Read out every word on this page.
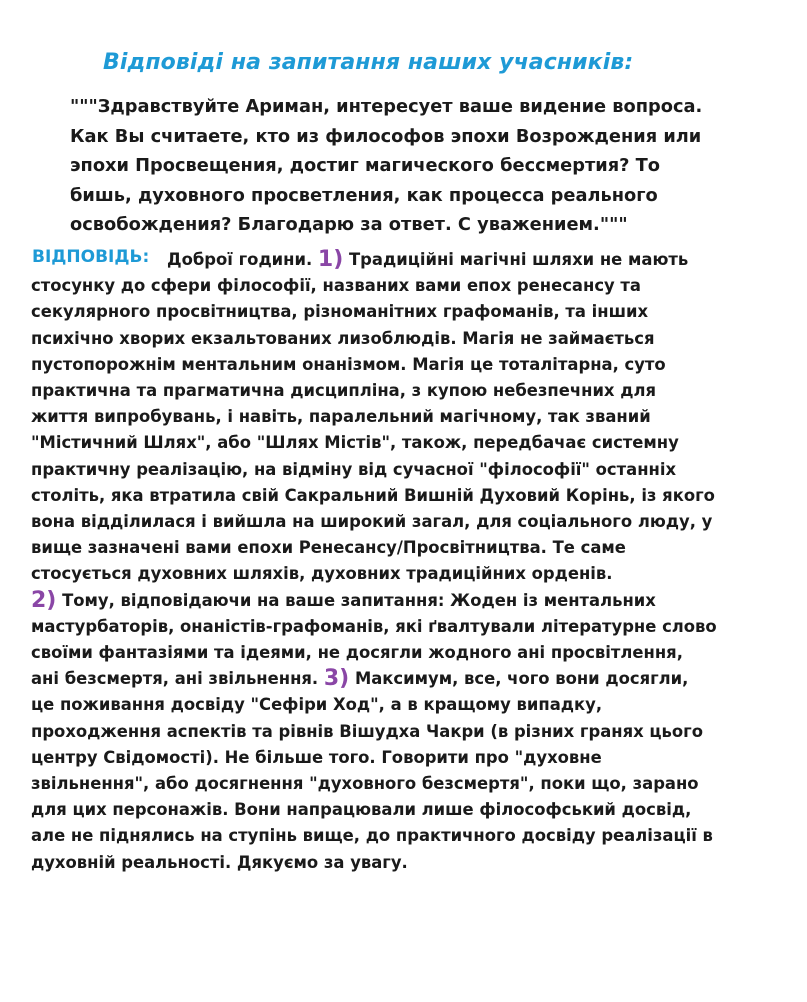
Відповіді на запитання наших учасників:
"""Здравствуйте Ариман, интересует ваше видение вопроса.
Как Вы считаете, кто из философов эпохи Возрождения или
эпохи Просвещения, достиг магического бессмертия? То
бишь, духовного просветления, как процесса реального
освобождения? Благодарю за ответ. С уважением."""
ВІДПОВІДЬ:	Доброї години. 1) Традиційні магічні шляхи не мають
стосунку до сфери філософії, названих вами епох ренесансу та
секулярного просвітництва, різноманітних графоманів, та інших
психічно хворих екзальтованих лизоблюдів. Магія не займається
пустопорожнім ментальним онанізмом. Магія це тоталітарна, суто
практична та прагматична дисципліна, з купою небезпечних для
життя випробувань, і навіть, паралельний магічному, так званий
"Містичний Шлях", або "Шлях Містів", також, передбачає системну
практичну реалізацію, на відміну від сучасної "філософії" останніх
століть, яка втратила свій Сакральний Вишній Духовий Корінь, із якого
вона відділилася і вийшла на широкий загал, для соціального люду, у
вище зазначені вами епохи Ренесансу/Просвітництва. Те саме
стосується духовних шляхів, духовних традиційних орденів.
2) Тому, відповідаючи на ваше запитання: Жоден із ментальних
мастурбаторів, онаністів-графоманів, які ґвалтували літературне слово
своїми фантазіями та ідеями, не досягли жодного ані просвітлення,
ані безсмертя, ані звільнення. 3) Максимум, все, чого вони досягли,
це поживання досвіду "Сефіри Ход", а в кращому випадку,
проходження аспектів та рівнів Вішудха Чакри (в різних гранях цього
центру Свідомості). Не більше того. Говорити про "духовне
звільнення", або досягнення "духовного безсмертя", поки що, зарано
для цих персонажів. Вони напрацювали лише філософський досвід,
але не піднялись на ступінь вище, до практичного досвіду реалізації в
духовній реальності. Дякуємо за увагу.
